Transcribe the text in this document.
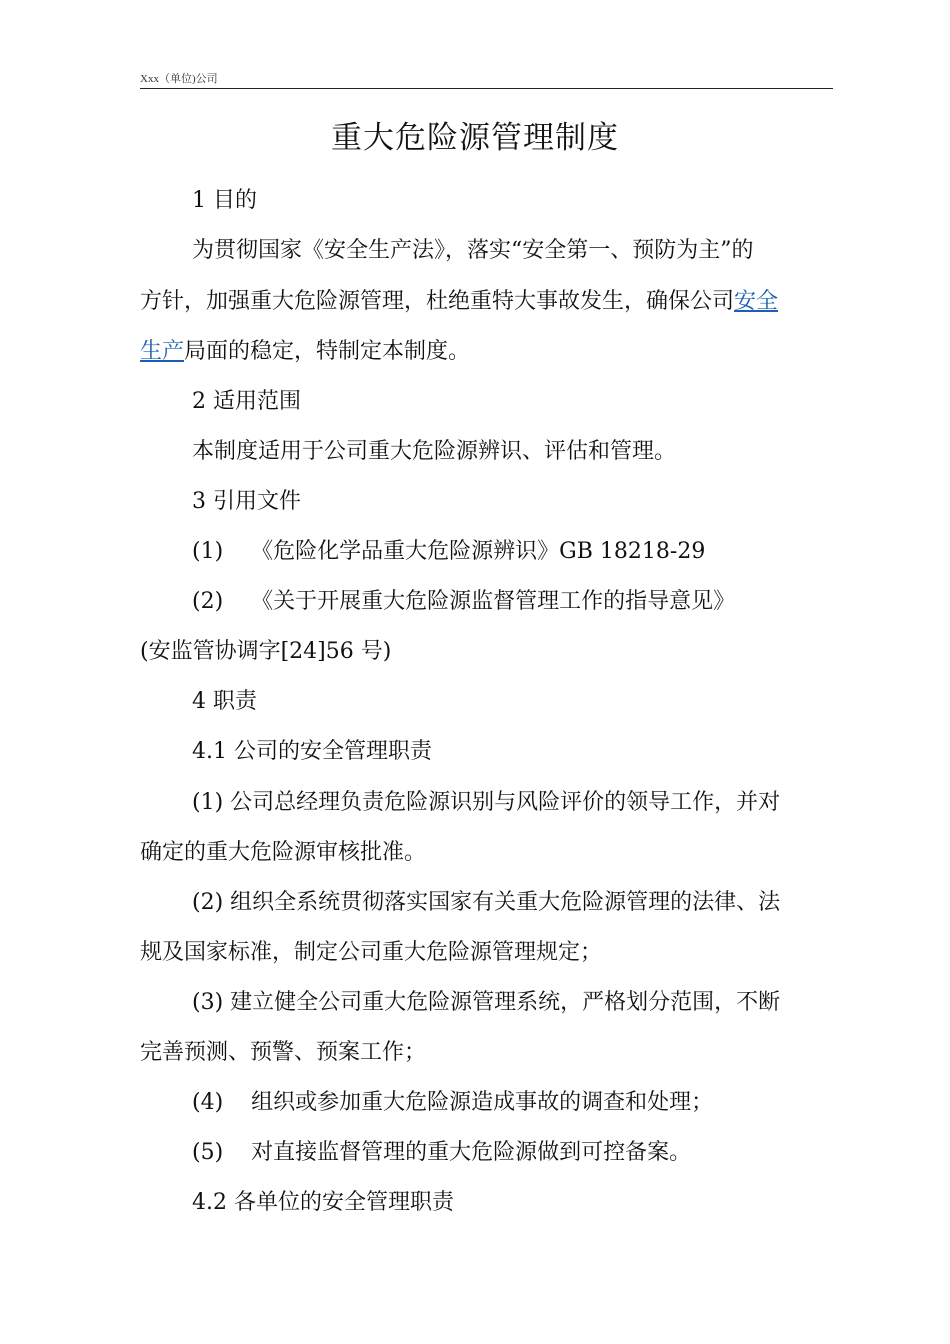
Xxx（单位)公司
重大危险源管理制度
1 目的
为贯彻国家《安全生产法》，落实“安全第一、预防为主”的
方针，加强重大危险源管理，杜绝重特大事故发生，确保公司安全
生产局面的稳定，特制定本制度。
2 适用范围
本制度适用于公司重大危险源辨识、评估和管理。
3 引用文件
(1) 《危险化学品重大危险源辨识》GB 18218-29
(2) 《关于开展重大危险源监督管理工作的指导意见》
(安监管协调字[24]56 号)
4 职责
4.1 公司的安全管理职责
(1) 公司总经理负责危险源识别与风险评价的领导工作，并对
确定的重大危险源审核批准。
(2) 组织全系统贯彻落实国家有关重大危险源管理的法律、法
规及国家标准，制定公司重大危险源管理规定；
(3) 建立健全公司重大危险源管理系统，严格划分范围，不断
完善预测、预警、预案工作；
(4) 组织或参加重大危险源造成事故的调查和处理；
(5) 对直接监督管理的重大危险源做到可控备案。
4.2 各单位的安全管理职责
